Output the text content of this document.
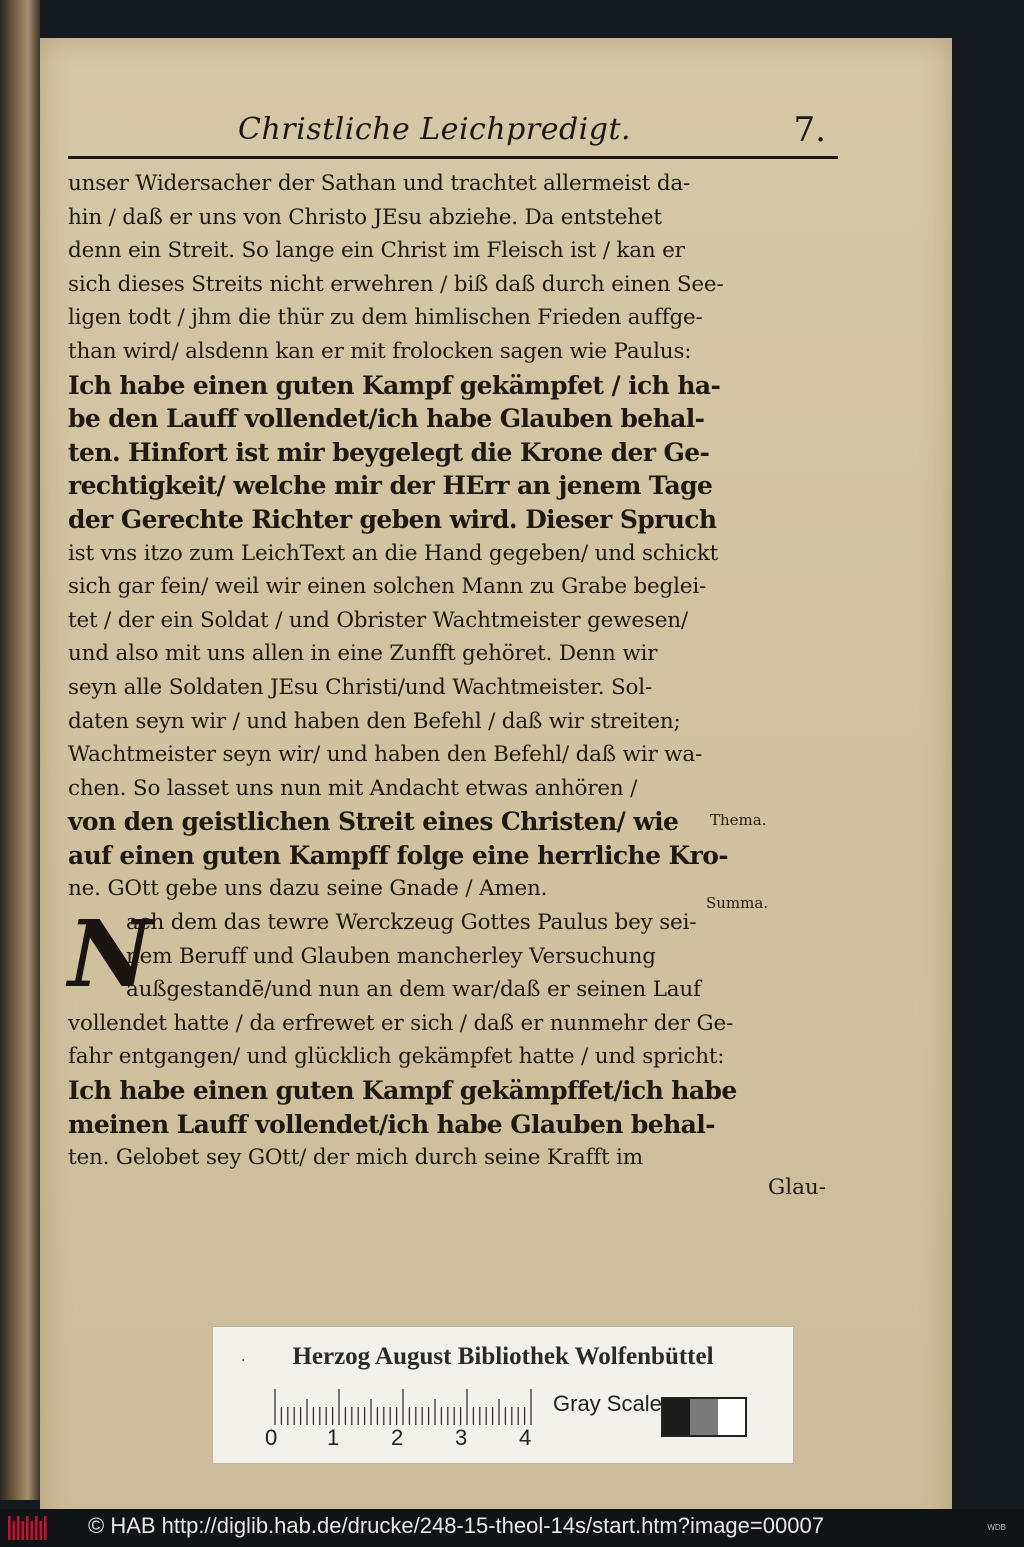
Christliche Leichpredigt.	7.
unser Widersacher der Sathan und trachtet allermeist da-
hin / daß er uns von Christo JEsu abziehe. Da entstehet
denn ein Streit. So lange ein Christ im Fleisch ist / kan er
sich dieses Streits nicht erwehren / biß daß durch einen See-
ligen todt / jhm die thür zu dem himlischen Frieden auffge-
than wird/ alsdenn kan er mit frolocken sagen wie Paulus:
Ich habe einen guten Kampf gekämpfet / ich ha-
be den Lauff vollendet/ich habe Glauben behal-
ten. Hinfort ist mir beygelegt die Krone der Ge-
rechtigkeit/ welche mir der HErr an jenem Tage
der Gerechte Richter geben wird. Dieser Spruch
ist vns itzo zum LeichText an die Hand gegeben/ und schickt
sich gar fein/ weil wir einen solchen Mann zu Grabe beglei-
tet / der ein Soldat / und Obrister Wachtmeister gewesen/
und also mit uns allen in eine Zunfft gehöret. Denn wir
seyn alle Soldaten JEsu Christi/und Wachtmeister. Sol-
daten seyn wir / und haben den Befehl / daß wir streiten;
Wachtmeister seyn wir/ und haben den Befehl/ daß wir wa-
chen. So lasset uns nun mit Andacht etwas anhören /
von den geistlichen Streit eines Christen/ wie
auf einen guten Kampff folge eine herrliche Kro-
ne. GOtt gebe uns dazu seine Gnade / Amen.
N
ach dem das tewre Werckzeug Gottes Paulus bey sei-
nem Beruff und Glauben mancherley Versuchung
außgestandē/und nun an dem war/daß er seinen Lauf
vollendet hatte / da erfrewet er sich / daß er nunmehr der Ge-
fahr entgangen/ und glücklich gekämpfet hatte / und spricht:
Ich habe einen guten Kampf gekämpffet/ich habe
meinen Lauff vollendet/ich habe Glauben behal-
ten. Gelobet sey GOtt/ der mich durch seine Krafft im
Glau-
Thema.
Summa.
·	Herzog August Bibliothek Wolfenbüttel
0 1 2 3 4
Gray Scale
© HAB http://diglib.hab.de/drucke/248-15-theol-14s/start.htm?image=00007	WDB
